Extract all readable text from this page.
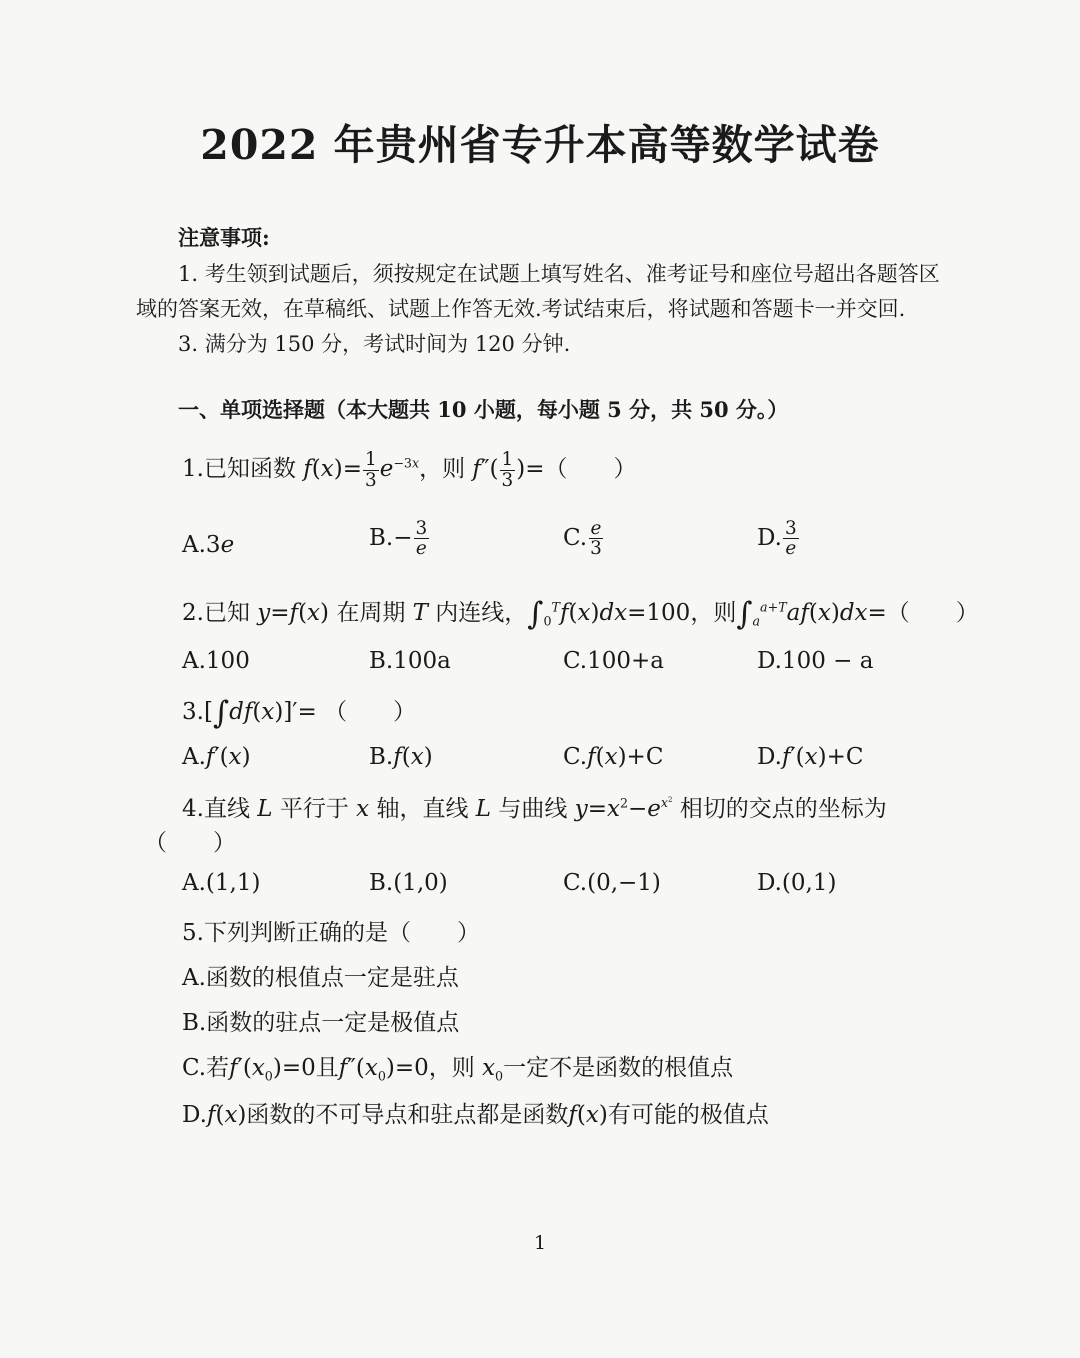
2022 年贵州省专升本高等数学试卷
注意事项:
1. 考生领到试题后，须按规定在试题上填写姓名、准考证号和座位号超出各题答区
域的答案无效，在草稿纸、试题上作答无效.考试结束后，将试题和答题卡一并交回.
3. 满分为 150 分，考试时间为 120 分钟.
一、单项选择题（本大题共 10 小题，每小题 5 分，共 50 分。）
1.已知函数 $f(x)= \frac{1}{3} e^{-3x}$，则 $f''( \frac{1}{3}$ )=（　　）
A.3e	$B.- \frac{3}{e}$	C. $\frac{e}{3}$	D. $\frac{3}{e}$
2.已知 y=f(x) 在周期 T 内连线，$\int_0^Tf(x)dx=100$，则$\int_a^{a+T}af(x)dx=$（　　）
A.100	B.100a	C.100+a	D.100 − a
3.[∫df(x)]′= （　　）
A.f′(x)	B.f(x)	C.f(x)+C	D.f′(x)+C
4.直线 L 平行于 x 轴，直线 L 与曲线 $y=x^2-e^{x^2}$ 相切的交点的坐标为
（　　）
A.(1,1)	B.(1,0)	C.(0,−1)	D.(0,1)
5.下列判断正确的是（　　）
A.函数的根值点一定是驻点
B.函数的驻点一定是极值点
C.若$f'(x_0)=0$且$f''(x_0)=0$，则 $x_0$一定不是函数的根值点
D.f(x)函数的不可导点和驻点都是函数f(x)有可能的极值点
1
